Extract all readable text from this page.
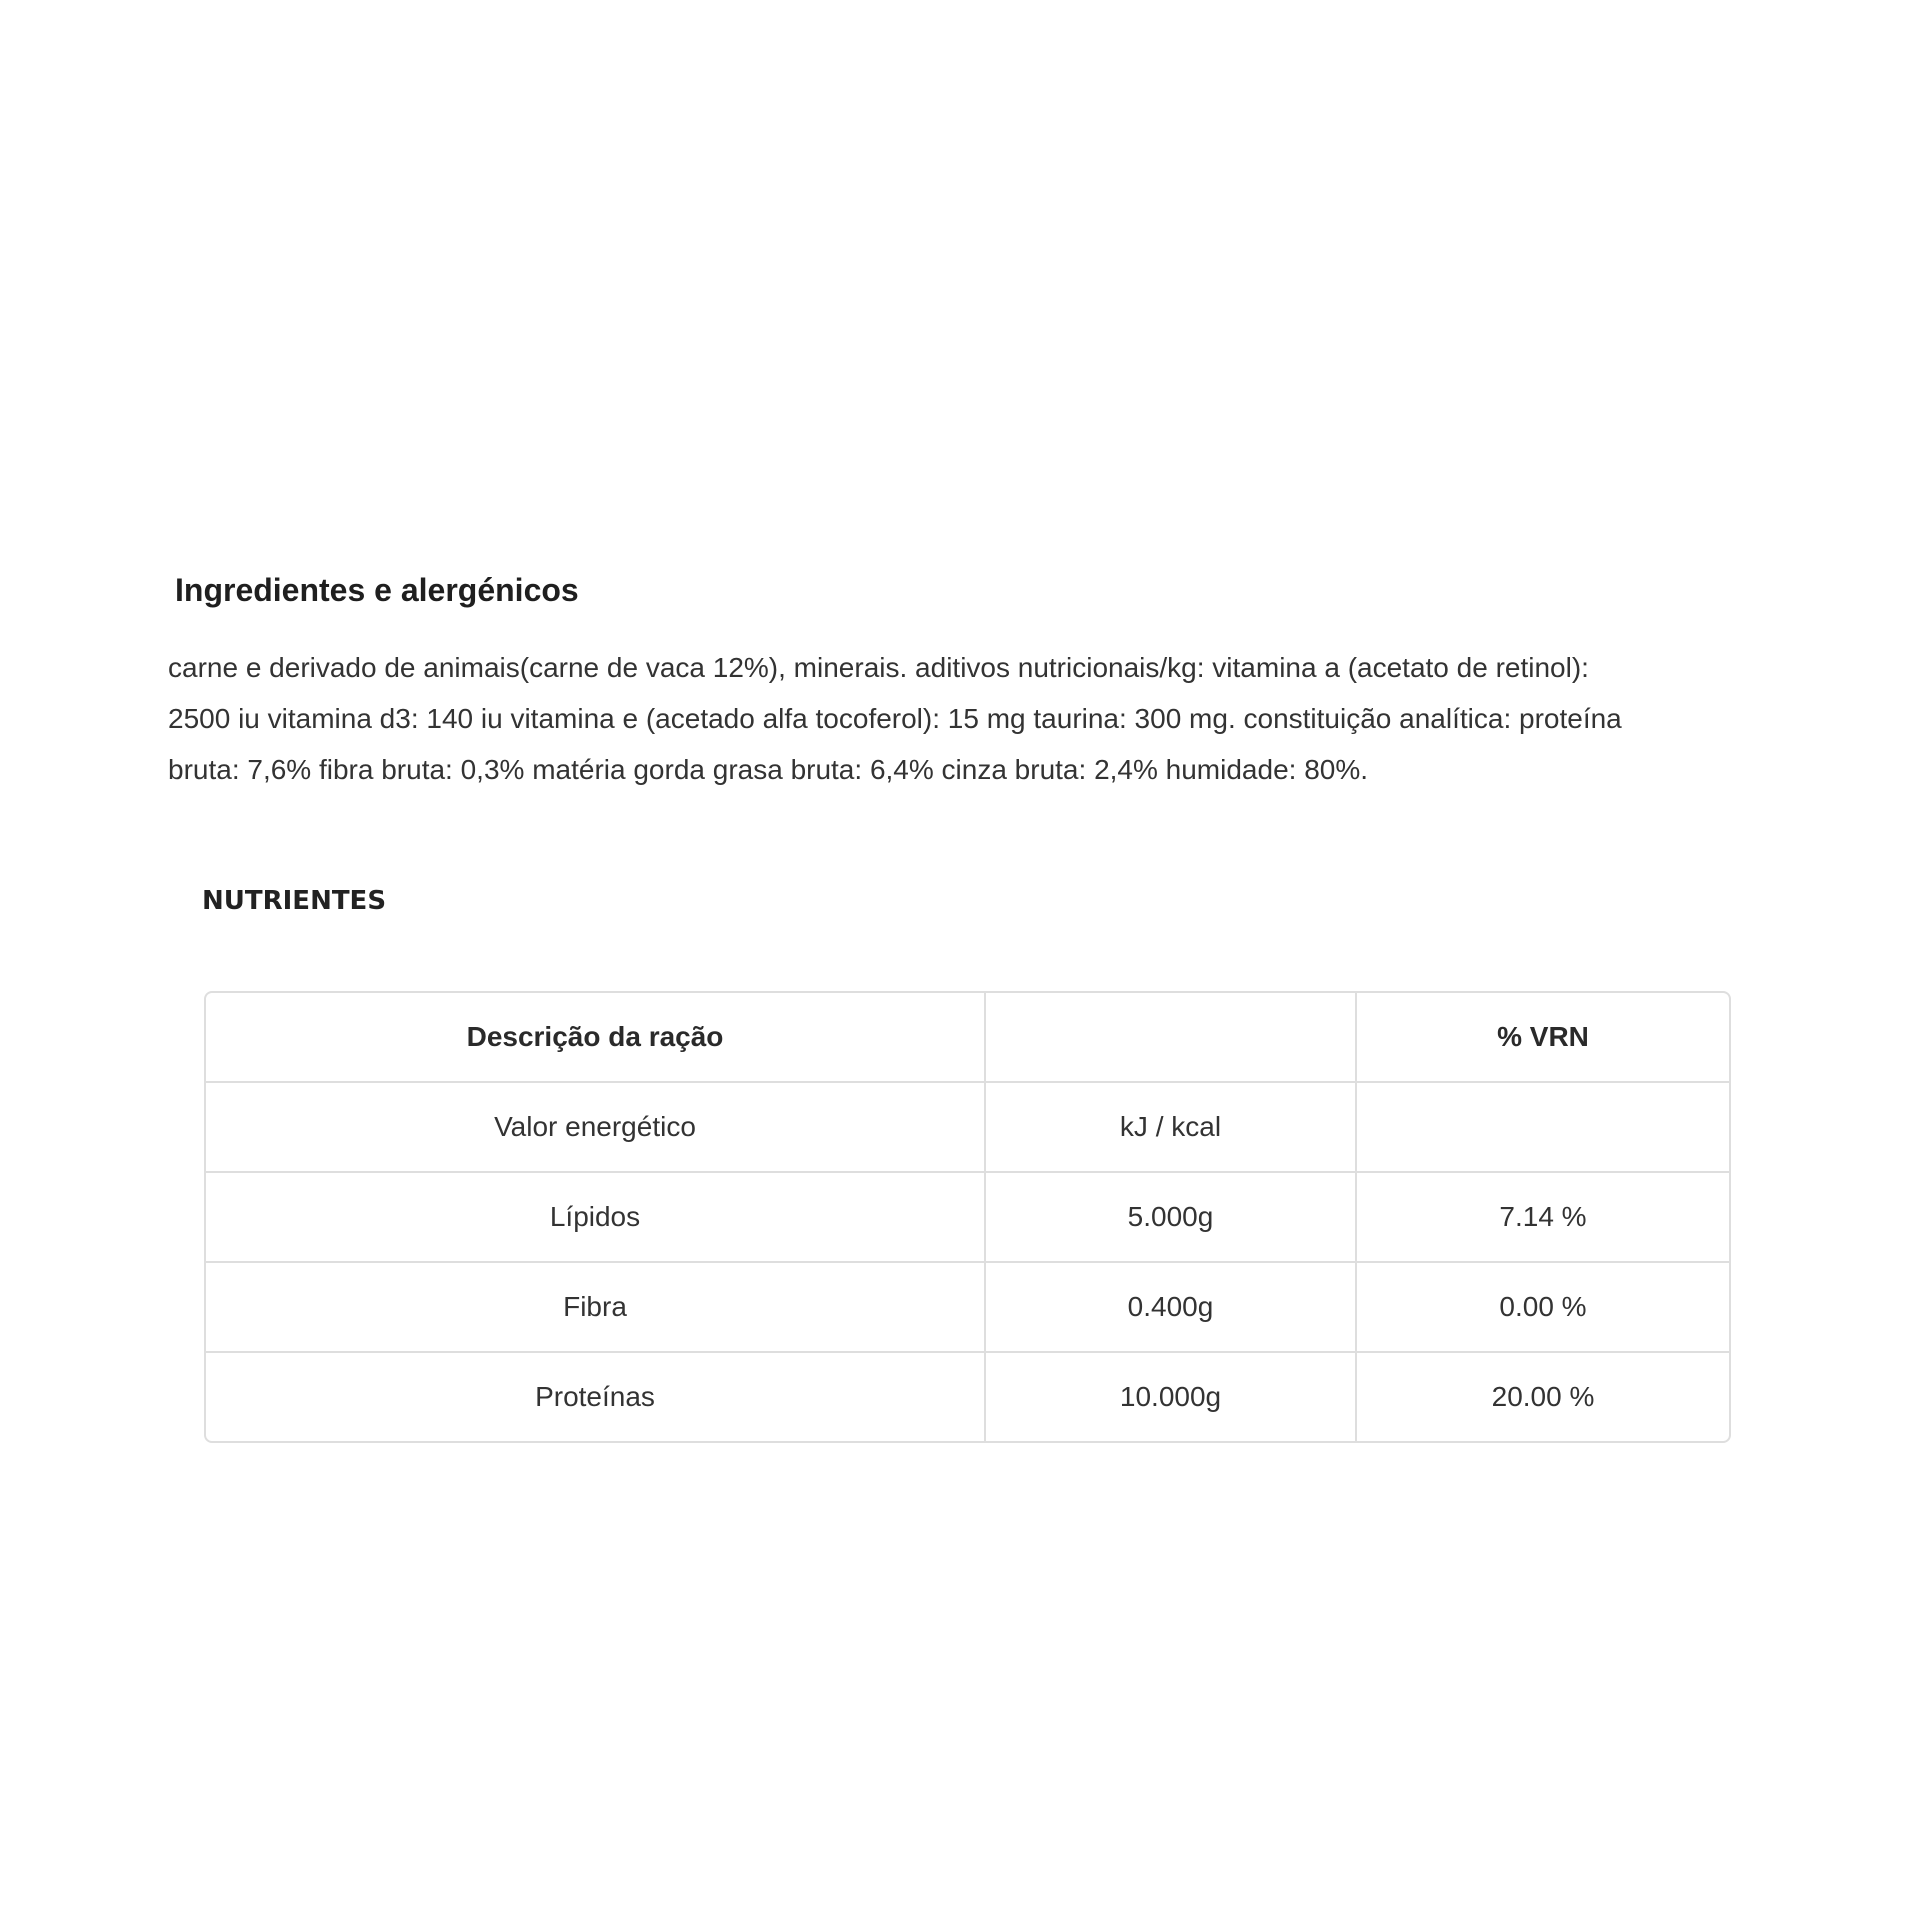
Ingredientes e alergénicos

carne e derivado de animais(carne de vaca 12%), minerais. aditivos nutricionais/kg: vitamina a (acetato de retinol):
2500 iu vitamina d3: 140 iu vitamina e (acetado alfa tocoferol): 15 mg taurina: 300 mg. constituição analítica: proteína
bruta: 7,6% fibra bruta: 0,3% matéria gorda grasa bruta: 6,4% cinza bruta: 2,4% humidade: 80%.

NUTRIENTES
Descrição da ração		% VRN
Valor energético	kJ / kcal	
Lípidos	5.000g	7.14 %
Fibra	0.400g	0.00 %
Proteínas	10.000g	20.00 %
